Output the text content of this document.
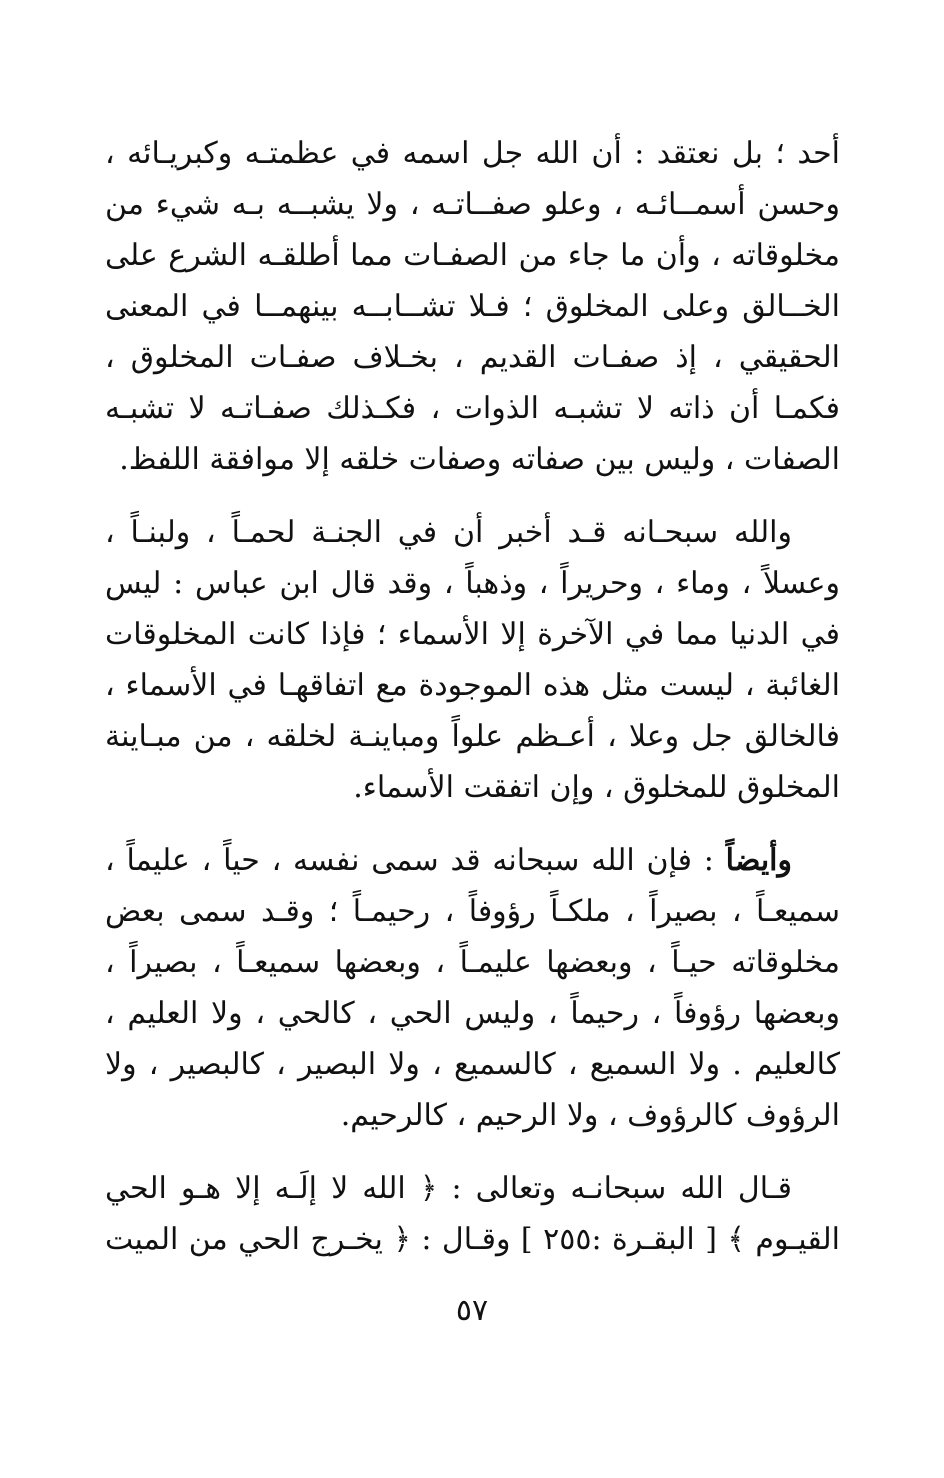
أحد ؛ بل نعتقد : أن الله جل اسمه في عظمتـه وكبريـائه ،
وحسن أسمــائـه ، وعلو صفــاتـه ، ولا يشبــه بـه شيء من
مخلوقاته ، وأن ما جاء من الصفـات مما أطلقـه الشرع على
الخــالق وعلى المخلوق ؛ فـلا تشــابــه بينهمــا في المعنى
الحقيقي ، إذ صفـات القديم ، بخـلاف صفـات المخلوق ،
فكمـا أن ذاته لا تشبـه الذوات ، فكـذلك صفـاتـه لا تشبـه
الصفات ، وليس بين صفاته وصفات خلقه إلا موافقة اللفظ.

والله سبحـانه قـد أخبر أن في الجنـة لحمـاً ، ولبنـاً ،
وعسلاً ، وماء ، وحريراً ، وذهباً ، وقد قال ابن عباس : ليس
في الدنيا مما في الآخرة إلا الأسماء ؛ فإذا كانت المخلوقات
الغائبة ، ليست مثل هذه الموجودة مع اتفاقهـا في الأسماء ،
فالخالق جل وعلا ، أعـظم علواً ومباينـة لخلقه ، من مبـاينة
المخلوق للمخلوق ، وإن اتفقت الأسماء.

وأيضاً : فإن الله سبحانه قد سمى نفسه ، حياً ، عليماً ،
سميعـاً ، بصيراً ، ملكـاً رؤوفاً ، رحيمـاً ؛ وقـد سمى بعض
مخلوقاته حيـاً ، وبعضها عليمـاً ، وبعضها سميعـاً ، بصيراً ،
وبعضها رؤوفاً ، رحيماً ، وليس الحي ، كالحي ، ولا العليم ،
كالعليم . ولا السميع ، كالسميع ، ولا البصير ، كالبصير ، ولا
الرؤوف كالرؤوف ، ولا الرحيم ، كالرحيم.

قـال الله سبحانـه وتعالى : ﴿ الله لا إلَـه إلا هـو الحي
القيـوم ﴾ [ البقـرة :٢٥٥ ] وقـال : ﴿ يخـرج الحي من الميت

٥٧
